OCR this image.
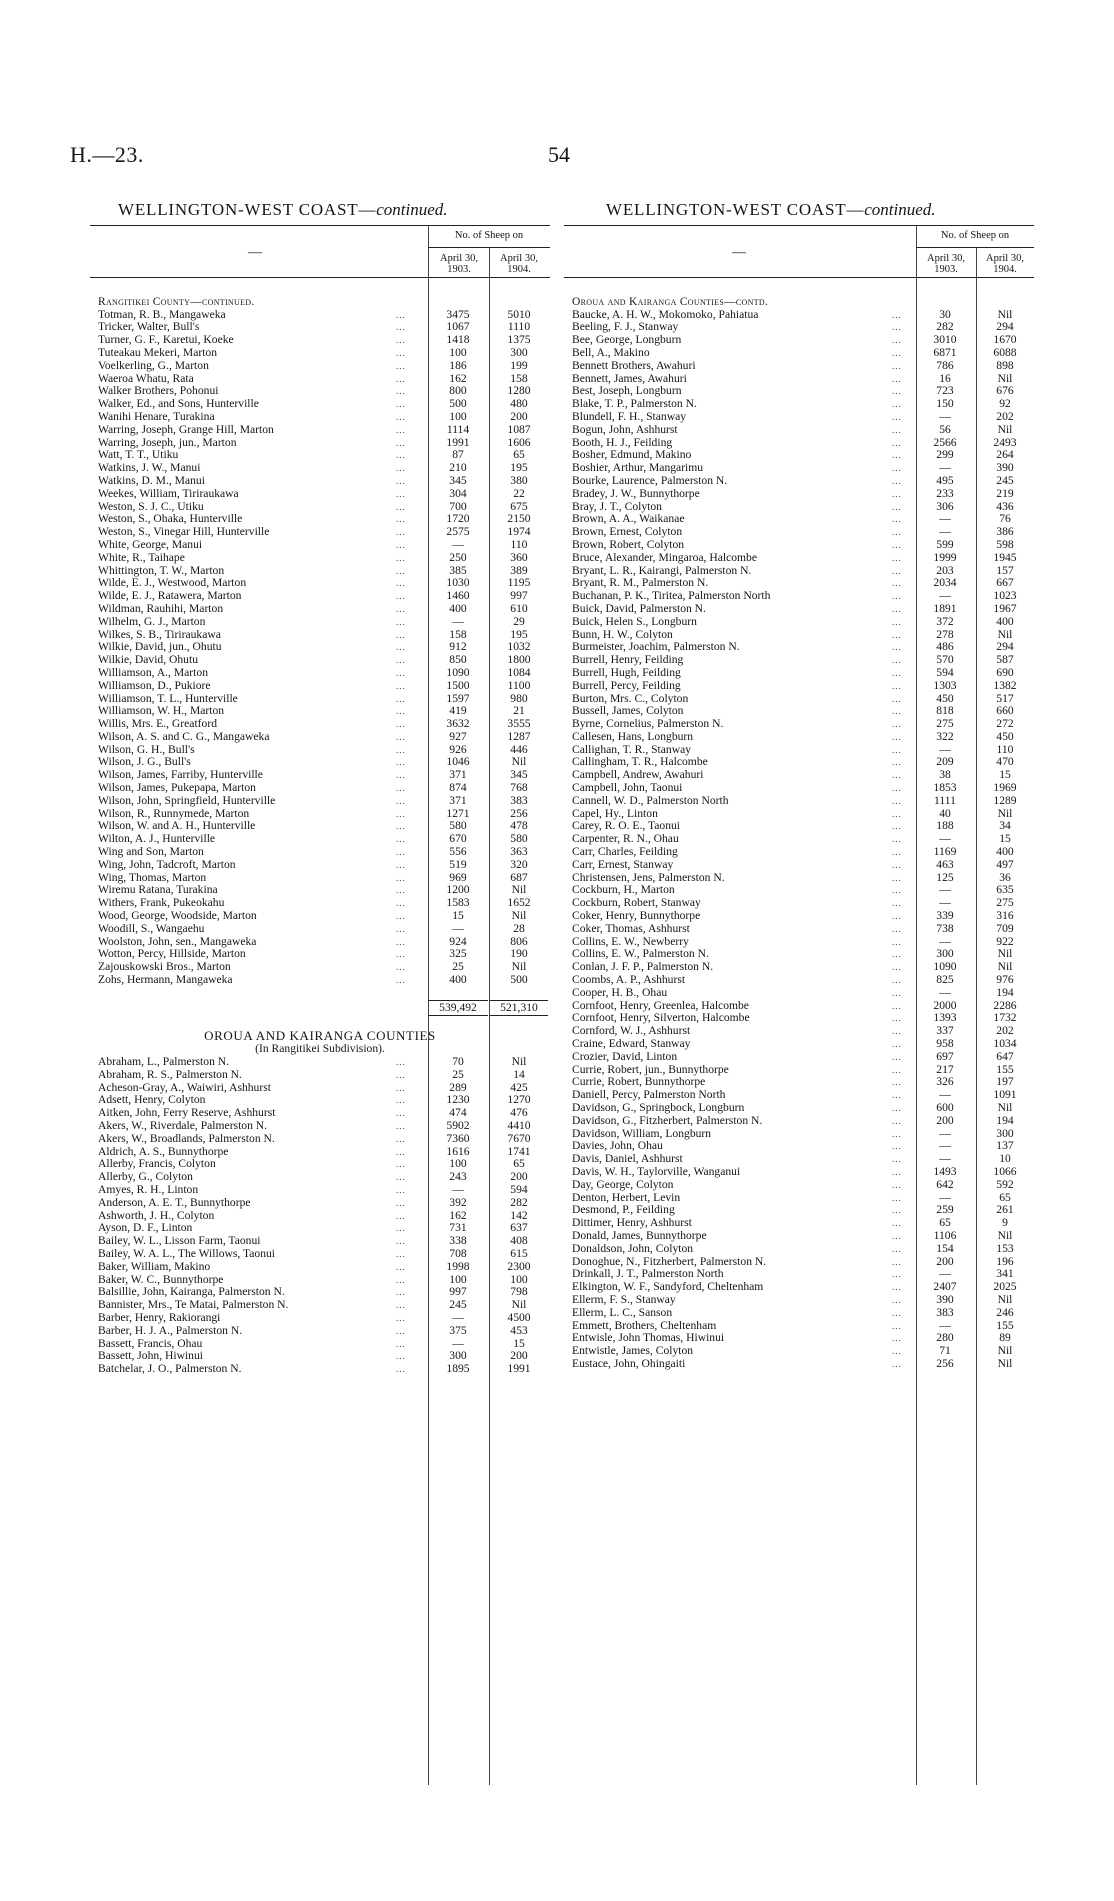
H.—23.	54
WELLINGTON-WEST COAST—continued.
—
No. of Sheep on
April 30, 1903.
April 30, 1904.
Rangitikei County—continued.
Totman, R. B., Mangaweka	...	3475	5010
Tricker, Walter, Bull's	...	1067	1110
Turner, G. F., Karetui, Koeke	...	1418	1375
Tuteakau Mekeri, Marton	...	100	300
Voelkerling, G., Marton	...	186	199
Waeroa Whatu, Rata	...	162	158
Walker Brothers, Pohonui	...	800	1280
Walker, Ed., and Sons, Hunterville	...	500	480
Wanihi Henare, Turakina	...	100	200
Warring, Joseph, Grange Hill, Marton	...	1114	1087
Warring, Joseph, jun., Marton	...	1991	1606
Watt, T. T., Utiku	...	87	65
Watkins, J. W., Manui	...	210	195
Watkins, D. M., Manui	...	345	380
Weekes, William, Tiriraukawa	...	304	22
Weston, S. J. C., Utiku	...	700	675
Weston, S., Ohaka, Hunterville	...	1720	2150
Weston, S., Vinegar Hill, Hunterville	...	2575	1974
White, George, Manui	...	—	110
White, R., Taihape	...	250	360
Whittington, T. W., Marton	...	385	389
Wilde, E. J., Westwood, Marton	...	1030	1195
Wilde, E. J., Ratawera, Marton	...	1460	997
Wildman, Rauhihi, Marton	...	400	610
Wilhelm, G. J., Marton	...	—	29
Wilkes, S. B., Tiriraukawa	...	158	195
Wilkie, David, jun., Ohutu	...	912	1032
Wilkie, David, Ohutu	...	850	1800
Williamson, A., Marton	...	1090	1084
Williamson, D., Pukiore	...	1500	1100
Williamson, T. L., Hunterville	...	1597	980
Williamson, W. H., Marton	...	419	21
Willis, Mrs. E., Greatford	...	3632	3555
Wilson, A. S. and C. G., Mangaweka	...	927	1287
Wilson, G. H., Bull's	...	926	446
Wilson, J. G., Bull's	...	1046	Nil
Wilson, James, Farriby, Hunterville	...	371	345
Wilson, James, Pukepapa, Marton	...	874	768
Wilson, John, Springfield, Hunterville	...	371	383
Wilson, R., Runnymede, Marton	...	1271	256
Wilson, W. and A. H., Hunterville	...	580	478
Wilton, A. J., Hunterville	...	670	580
Wing and Son, Marton	...	556	363
Wing, John, Tadcroft, Marton	...	519	320
Wing, Thomas, Marton	...	969	687
Wiremu Ratana, Turakina	...	1200	Nil
Withers, Frank, Pukeokahu	...	1583	1652
Wood, George, Woodside, Marton	...	15	Nil
Woodill, S., Wangaehu	...	—	28
Woolston, John, sen., Mangaweka	...	924	806
Wotton, Percy, Hillside, Marton	...	325	190
Zajouskowski Bros., Marton	...	25	Nil
Zohs, Hermann, Mangaweka	...	400	500
539,492	521,310
OROUA AND KAIRANGA COUNTIES
(In Rangitikei Subdivision).
Abraham, L., Palmerston N.	...	70	Nil
Abraham, R. S., Palmerston N.	...	25	14
Acheson-Gray, A., Waiwiri, Ashhurst	...	289	425
Adsett, Henry, Colyton	...	1230	1270
Aitken, John, Ferry Reserve, Ashhurst	...	474	476
Akers, W., Riverdale, Palmerston N.	...	5902	4410
Akers, W., Broadlands, Palmerston N.	...	7360	7670
Aldrich, A. S., Bunnythorpe	...	1616	1741
Allerby, Francis, Colyton	...	100	65
Allerby, G., Colyton	...	243	200
Amyes, R. H., Linton	...	—	594
Anderson, A. E. T., Bunnythorpe	...	392	282
Ashworth, J. H., Colyton	...	162	142
Ayson, D. F., Linton	...	731	637
Bailey, W. L., Lisson Farm, Taonui	...	338	408
Bailey, W. A. L., The Willows, Taonui	...	708	615
Baker, William, Makino	...	1998	2300
Baker, W. C., Bunnythorpe	...	100	100
Balsillie, John, Kairanga, Palmerston N.	...	997	798
Bannister, Mrs., Te Matai, Palmerston N.	...	245	Nil
Barber, Henry, Rakiorangi	...	—	4500
Barber, H. J. A., Palmerston N.	...	375	453
Bassett, Francis, Ohau	...	—	15
Bassett, John, Hiwinui	...	300	200
Batchelar, J. O., Palmerston N.	...	1895	1991
WELLINGTON-WEST COAST—continued.
—
No. of Sheep on
April 30, 1903.
April 30, 1904.
Oroua and Kairanga Counties—contd.
Baucke, A. H. W., Mokomoko, Pahiatua	...	30	Nil
Beeling, F. J., Stanway	...	282	294
Bee, George, Longburn	...	3010	1670
Bell, A., Makino	...	6871	6088
Bennett Brothers, Awahuri	...	786	898
Bennett, James, Awahuri	...	16	Nil
Best, Joseph, Longburn	...	723	676
Blake, T. P., Palmerston N.	...	150	92
Blundell, F. H., Stanway	...	—	202
Bogun, John, Ashhurst	...	56	Nil
Booth, H. J., Feilding	...	2566	2493
Bosher, Edmund, Makino	...	299	264
Boshier, Arthur, Mangarimu	...	—	390
Bourke, Laurence, Palmerston N.	...	495	245
Bradey, J. W., Bunnythorpe	...	233	219
Bray, J. T., Colyton	...	306	436
Brown, A. A., Waikanae	...	—	76
Brown, Ernest, Colyton	...	—	386
Brown, Robert, Colyton	...	599	598
Bruce, Alexander, Mingaroa, Halcombe	...	1999	1945
Bryant, L. R., Kairangi, Palmerston N.	...	203	157
Bryant, R. M., Palmerston N.	...	2034	667
Buchanan, P. K., Tiritea, Palmerston North	...	—	1023
Buick, David, Palmerston N.	...	1891	1967
Buick, Helen S., Longburn	...	372	400
Bunn, H. W., Colyton	...	278	Nil
Burmeister, Joachim, Palmerston N.	...	486	294
Burrell, Henry, Feilding	...	570	587
Burrell, Hugh, Feilding	...	594	690
Burrell, Percy, Feilding	...	1303	1382
Burton, Mrs. C., Colyton	...	450	517
Bussell, James, Colyton	...	818	660
Byrne, Cornelius, Palmerston N.	...	275	272
Callesen, Hans, Longburn	...	322	450
Callighan, T. R., Stanway	...	—	110
Callingham, T. R., Halcombe	...	209	470
Campbell, Andrew, Awahuri	...	38	15
Campbell, John, Taonui	...	1853	1969
Cannell, W. D., Palmerston North	...	1111	1289
Capel, Hy., Linton	...	40	Nil
Carey, R. O. E., Taonui	...	188	34
Carpenter, R. N., Ohau	...	—	15
Carr, Charles, Feilding	...	1169	400
Carr, Ernest, Stanway	...	463	497
Christensen, Jens, Palmerston N.	...	125	36
Cockburn, H., Marton	...	—	635
Cockburn, Robert, Stanway	...	—	275
Coker, Henry, Bunnythorpe	...	339	316
Coker, Thomas, Ashhurst	...	738	709
Collins, E. W., Newberry	...	—	922
Collins, E. W., Palmerston N.	...	300	Nil
Conlan, J. F. P., Palmerston N.	...	1090	Nil
Coombs, A. P., Ashhurst	...	825	976
Cooper, H. B., Ohau	...	—	194
Cornfoot, Henry, Greenlea, Halcombe	...	2000	2286
Cornfoot, Henry, Silverton, Halcombe	...	1393	1732
Cornford, W. J., Ashhurst	...	337	202
Craine, Edward, Stanway	...	958	1034
Crozier, David, Linton	...	697	647
Currie, Robert, jun., Bunnythorpe	...	217	155
Currie, Robert, Bunnythorpe	...	326	197
Daniell, Percy, Palmerston North	...	—	1091
Davidson, G., Springbock, Longburn	...	600	Nil
Davidson, G., Fitzherbert, Palmerston N.	...	200	194
Davidson, William, Longburn	...	—	300
Davies, John, Ohau	...	—	137
Davis, Daniel, Ashhurst	...	—	10
Davis, W. H., Taylorville, Wanganui	...	1493	1066
Day, George, Colyton	...	642	592
Denton, Herbert, Levin	...	—	65
Desmond, P., Feilding	...	259	261
Dittimer, Henry, Ashhurst	...	65	9
Donald, James, Bunnythorpe	...	1106	Nil
Donaldson, John, Colyton	...	154	153
Donoghue, N., Fitzherbert, Palmerston N.	...	200	196
Drinkall, J. T., Palmerston North	...	—	341
Elkington, W. F., Sandyford, Cheltenham	...	2407	2025
Ellerm, F. S., Stanway	...	390	Nil
Ellerm, L. C., Sanson	...	383	246
Emmett, Brothers, Cheltenham	...	—	155
Entwisle, John Thomas, Hiwinui	...	280	89
Entwistle, James, Colyton	...	71	Nil
Eustace, John, Ohingaiti	...	256	Nil
